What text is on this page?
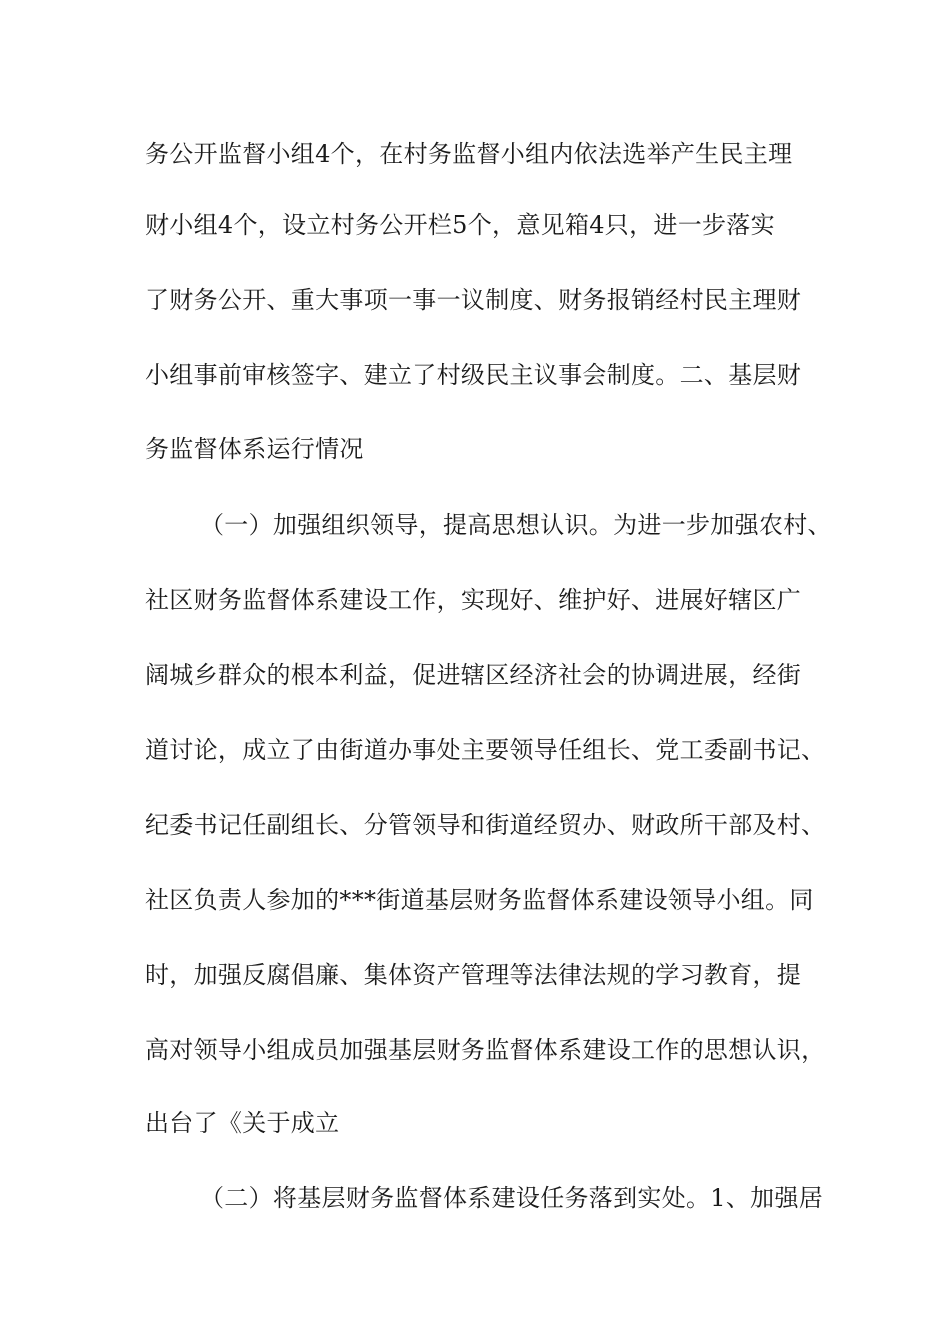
务公开监督小组4个，在村务监督小组内依法选举产生民主理
财小组4个，设立村务公开栏5个，意见箱4只，进一步落实
了财务公开、重大事项一事一议制度、财务报销经村民主理财
小组事前审核签字、建立了村级民主议事会制度。二、基层财
务监督体系运行情况
（一）加强组织领导，提高思想认识。为进一步加强农村、
社区财务监督体系建设工作，实现好、维护好、进展好辖区广
阔城乡群众的根本利益，促进辖区经济社会的协调进展，经街
道讨论，成立了由街道办事处主要领导任组长、党工委副书记、
纪委书记任副组长、分管领导和街道经贸办、财政所干部及村、
社区负责人参加的***街道基层财务监督体系建设领导小组。同
时，加强反腐倡廉、集体资产管理等法律法规的学习教育，提
高对领导小组成员加强基层财务监督体系建设工作的思想认识，
出台了《关于成立
（二）将基层财务监督体系建设任务落到实处。1、加强居
